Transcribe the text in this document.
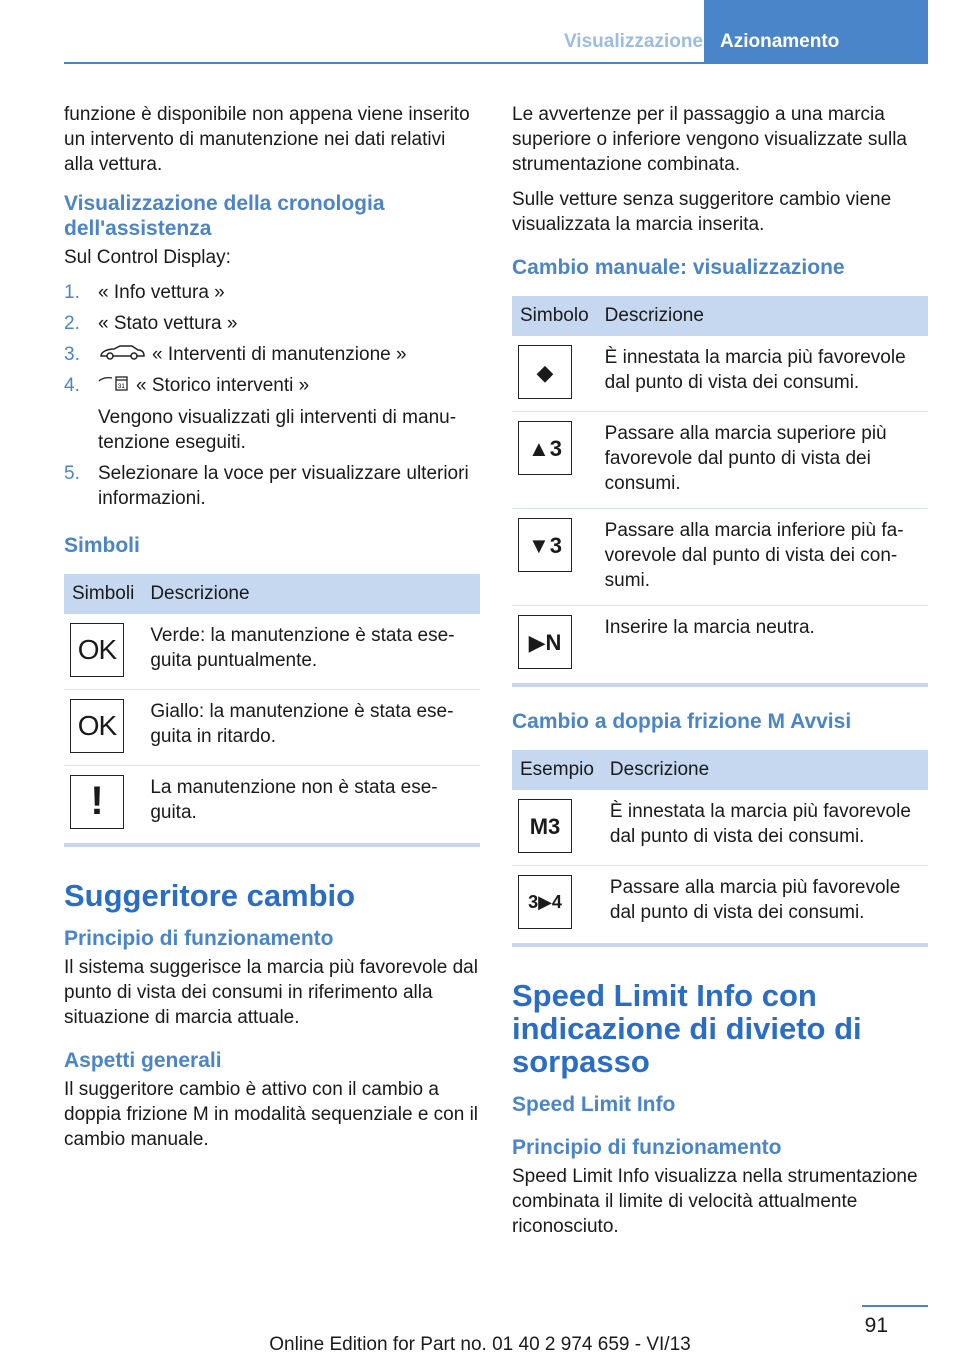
Visualizzazione Azionamento

funzione è disponibile non appena viene inserito un intervento di manutenzione nei dati relativi alla vettura.

Visualizzazione della cronologia dell'assistenza

Sul Control Display:

1. « Info vettura »
2. « Stato vettura »
3.	« Interventi di manutenzione »
4.	31 « Storico interventi »
Vengono visualizzati gli interventi di manutenzione eseguiti.
5. Selezionare la voce per visualizzare ulteriori informazioni.
Simboli
Simboli	Descrizione

OK	Verde: la manutenzione è stata eseguita puntualmente.

OK	Giallo: la manutenzione è stata eseguita in ritardo.

!	La manutenzione non è stata eseguita.
Suggeritore cambio
Principio di funzionamento

Il sistema suggerisce la marcia più favorevole dal punto di vista dei consumi in riferimento alla situazione di marcia attuale.

Aspetti generali

Il suggeritore cambio è attivo con il cambio a doppia frizione M in modalità sequenziale e con il cambio manuale.

Le avvertenze per il passaggio a una marcia superiore o inferiore vengono visualizzate sulla strumentazione combinata.

Sulle vetture senza suggeritore cambio viene visualizzata la marcia inserita.

Cambio manuale: visualizzazione
Simbolo	Descrizione

◆	È innestata la marcia più favorevole dal punto di vista dei consumi.

▲3	Passare alla marcia superiore più favorevole dal punto di vista dei consumi.

▼3	Passare alla marcia inferiore più favorevole dal punto di vista dei consumi.

▶N	Inserire la marcia neutra.
Cambio a doppia frizione M Avvisi
Esempio	Descrizione

M3	È innestata la marcia più favorevole dal punto di vista dei consumi.

3▶4	Passare alla marcia più favorevole dal punto di vista dei consumi.
Speed Limit Info con indicazione di divieto di sorpasso
Speed Limit Info
Principio di funzionamento

Speed Limit Info visualizza nella strumentazione combinata il limite di velocità attualmente riconosciuto.

91
Online Edition for Part no. 01 40 2 974 659 - VI/13
